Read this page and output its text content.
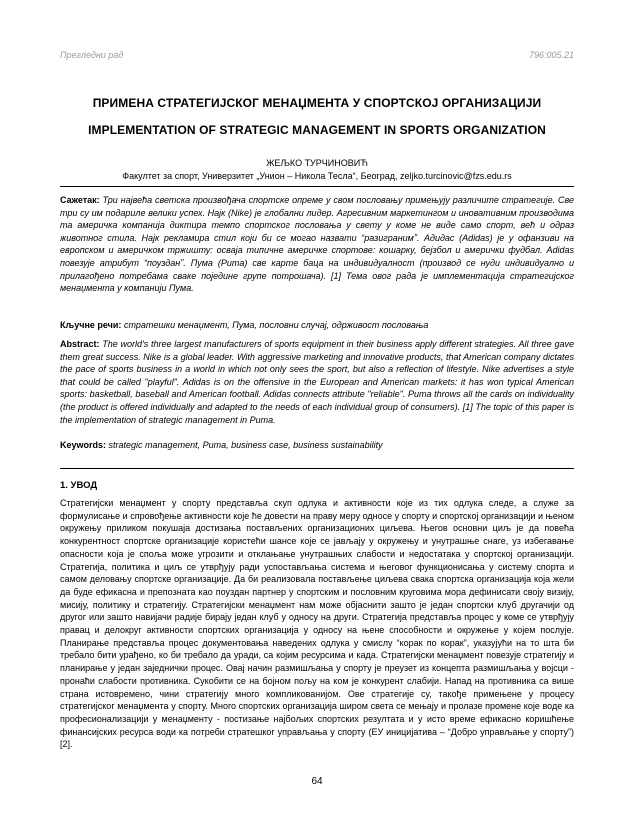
Прегледни рад	796:005.21
ПРИМЕНА СТРАТЕГИЈСКОГ МЕНАЏМЕНТА У СПОРТСКОЈ ОРГАНИЗАЦИЈИ
IMPLEMENTATION OF STRATEGIC MANAGEMENT IN SPORTS ORGANIZATION
ЖЕЉКО ТУРЧИНОВИЋ
Факултет за спорт, Универзитет „Унион – Никола Тесла“, Београд, zeljko.turcinovic@fzs.edu.rs

Сажетак: Три највећа светска произвођача спортске опреме у свом пословању примењују различите стратегије. Све три су им подариле велики успех. Најк (Nike) је глобални лидер. Агресивним маркетингом и иновативним производима та америчка компанија диктира темпо спортског пословања у свету у коме не виде само спорт, већ и одраз животног стила. Најк рекламира стил који би се могао назвати “разигранимˮ. Адидас (Adidas) је у офанзиви на европском и америчком тржишту: осваја типичне америчке спортове: кошарку, бејзбол и амерички фудбал. Adidas повезује атрибут “поузданˮ. Пума (Puma) све карте баца на индивидуалност (производ се нуди индивидуално и прилагођено потребама сваке поједине групе потрошача). [1] Тема овог рада је имплементација стратегијског менаџмента у компанији Пума.

Кључне речи: стратешки менаџмент, Пума, пословни случај, одрживост пословања

Abstract: The world's three largest manufacturers of sports equipment in their business apply different strategies. All three gave them great success. Nike is a global leader. With aggressive marketing and innovative products, that American company dictates the pace of sports business in a world in which not only sees the sport, but also a reflection of lifestyle. Nike advertises a style that could be called "playful". Adidas is on the offensive in the European and American markets: it has won typical American sports: basketball, baseball and American football. Adidas connects attribute "reliable". Puma throws all the cards on individuality (the product is offered individually and adapted to the needs of each individual group of consumers). [1] The topic of this paper is the implementation of strategic management in Puma.

Keywords: strategic management, Puma, business case, business sustainability

1. УВОД

Стратегијски менаџмент у спорту представља скуп одлука и активности које из тих одлука следе, а служе за формулисање и спровођење активности које ће довести на праву меру односе у спорту и спортској организацији и њеном окружењу приликом покушаја достизања постављених организационих циљева. Његов основни циљ је да повећа конкурентност спортске организације користећи шансе које се јављају у окружењу и унутрашње снаге, уз избегавање опасности која је споља може угрозити и отклањање унутрашњих слабости и недостатака у спортској организацији. Стратегија, политика и циљ се утврђују ради успостављања система и његовог функционисања у систему спорта и самом деловању спортске организације. Да би реализовала постављење циљева свака спортска организација која жели да буде ефикасна и препозната као поуздан партнер у спортским и пословним круговима мора дефинисати своју визију, мисију, политику и стратегију. Стратегијски менаџмент нам може објаснити зашто је један спортски клуб другачији од другог или зашто навијачи радије бирају један клуб у односу на други. Стратегија представља процес у коме се утврђују правац и делокруг активности спортских организација у односу на њене способности и окружење у којем послује. Планирање представља процес документовања наведених одлука у смислу “корак по корак”, указујући на то шта би требало бити урађено, ко би требало да уради, са којим ресурсима и када. Стратегијски менаџмент повезује стратегију и планирање у један заједнички процес. Овај начин размишљања у спорту је преузет из концепта размишљања у војсци - пронаћи слабости противника. Сукобити се на бојном пољу на ком је конкурент слабији. Напад на противника са више страна истовремено, чини стратегију много компликованијом. Ове стратегије су, такође примењене у процесу стратегијског менаџмента у спорту. Много спортских организација широм света се мењају и пролазе промене које воде ка професионализацији у менаџменту - постизање најбољих спортских резултата и у исто време ефикасно коришћење финансијских ресурса води ка потреби стратешког управљања у спорту (ЕУ иницијатива – “Добро управљање у спорту”) [2].

64
